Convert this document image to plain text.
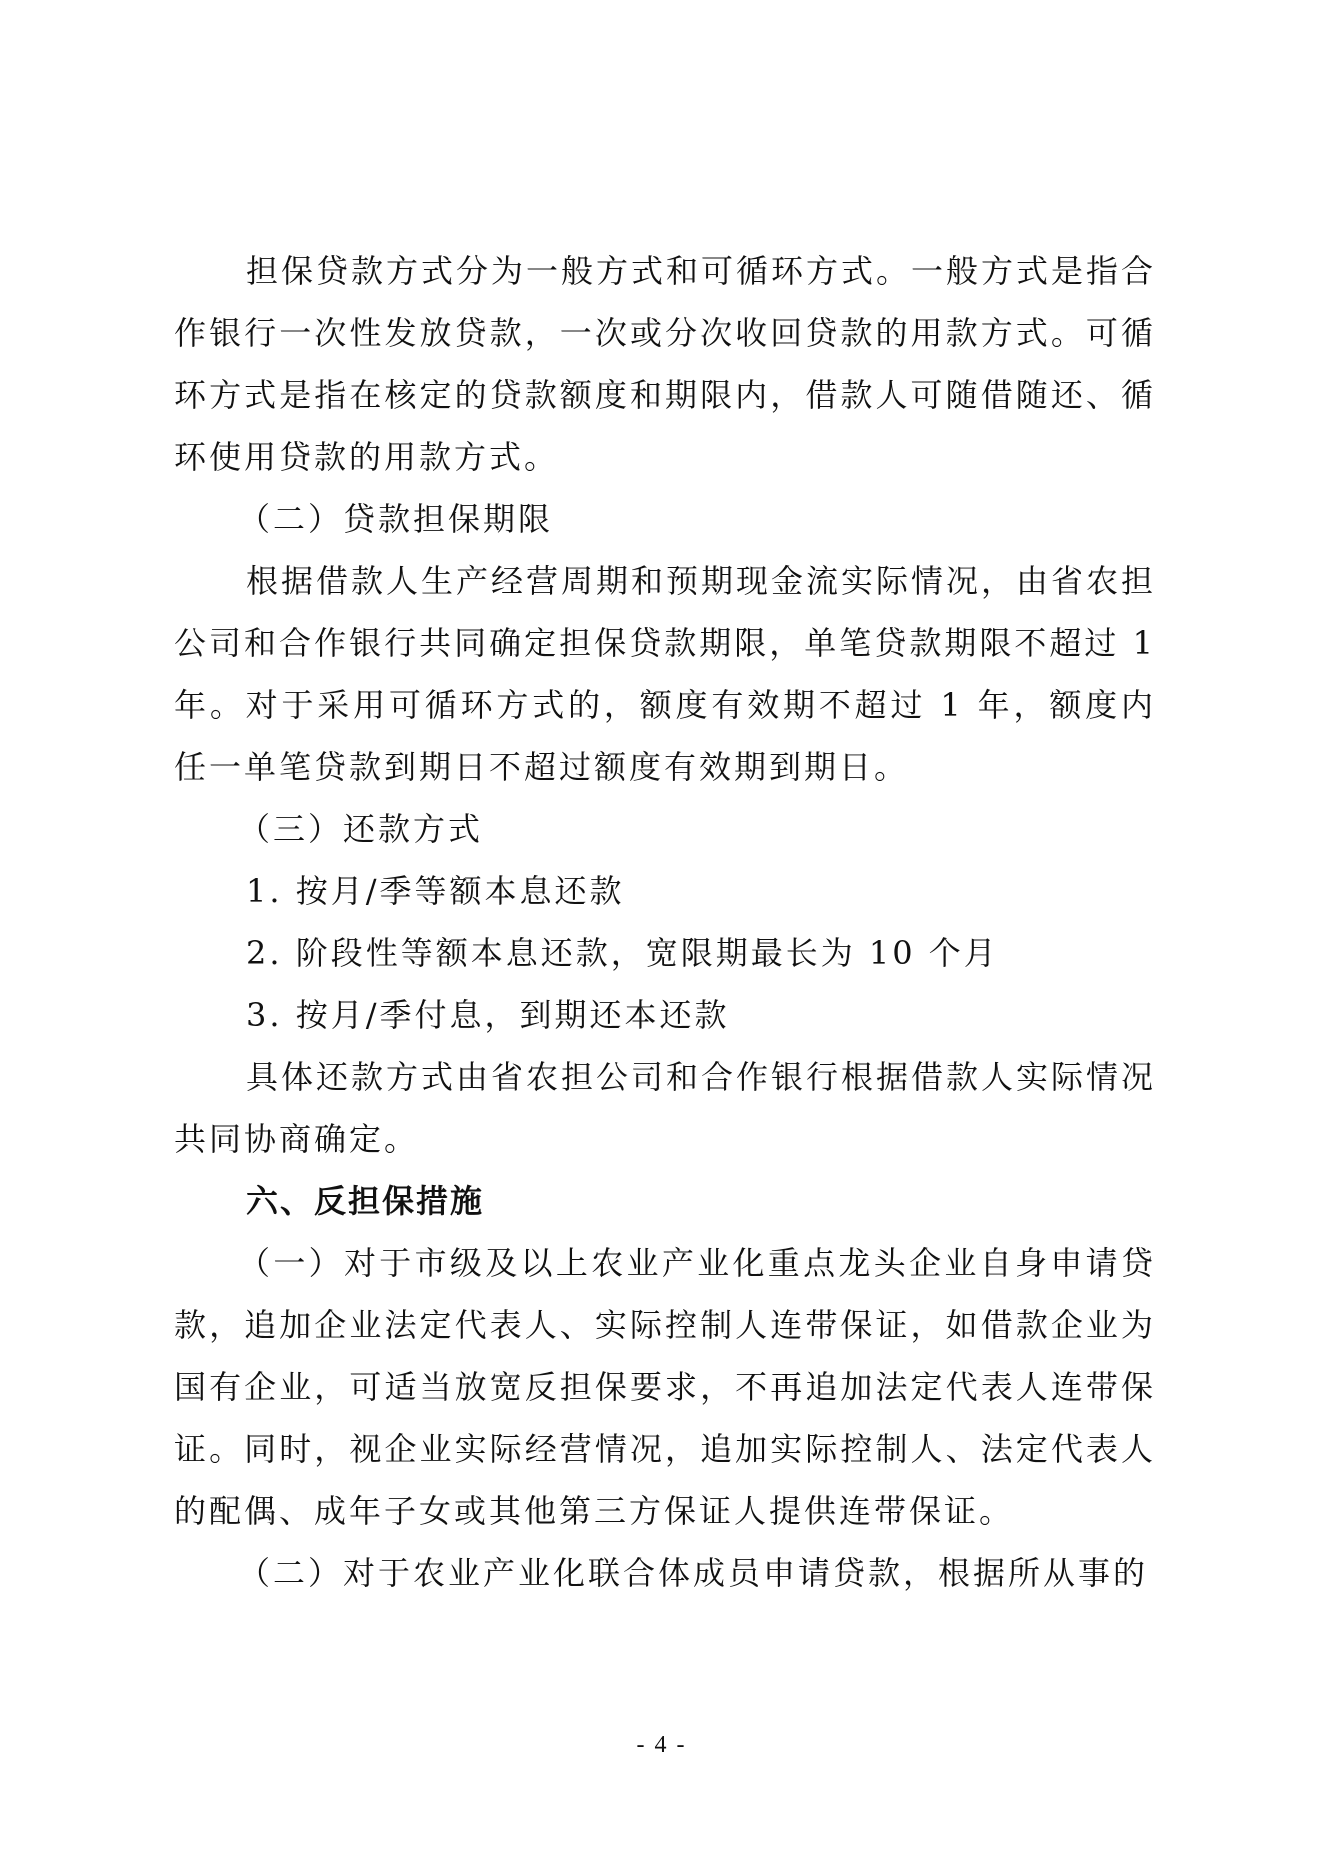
担保贷款方式分为一般方式和可循环方式。一般方式是指合作银行一次性发放贷款，一次或分次收回贷款的用款方式。可循环方式是指在核定的贷款额度和期限内，借款人可随借随还、循环使用贷款的用款方式。

（二）贷款担保期限

根据借款人生产经营周期和预期现金流实际情况，由省农担公司和合作银行共同确定担保贷款期限，单笔贷款期限不超过 1 年。对于采用可循环方式的，额度有效期不超过 1 年，额度内任一单笔贷款到期日不超过额度有效期到期日。

（三）还款方式

1. 按月/季等额本息还款

2. 阶段性等额本息还款，宽限期最长为 10 个月

3. 按月/季付息，到期还本还款

具体还款方式由省农担公司和合作银行根据借款人实际情况共同协商确定。

六、反担保措施

（一）对于市级及以上农业产业化重点龙头企业自身申请贷款，追加企业法定代表人、实际控制人连带保证，如借款企业为国有企业，可适当放宽反担保要求，不再追加法定代表人连带保证。同时，视企业实际经营情况，追加实际控制人、法定代表人的配偶、成年子女或其他第三方保证人提供连带保证。

（二）对于农业产业化联合体成员申请贷款，根据所从事的

- 4 -
